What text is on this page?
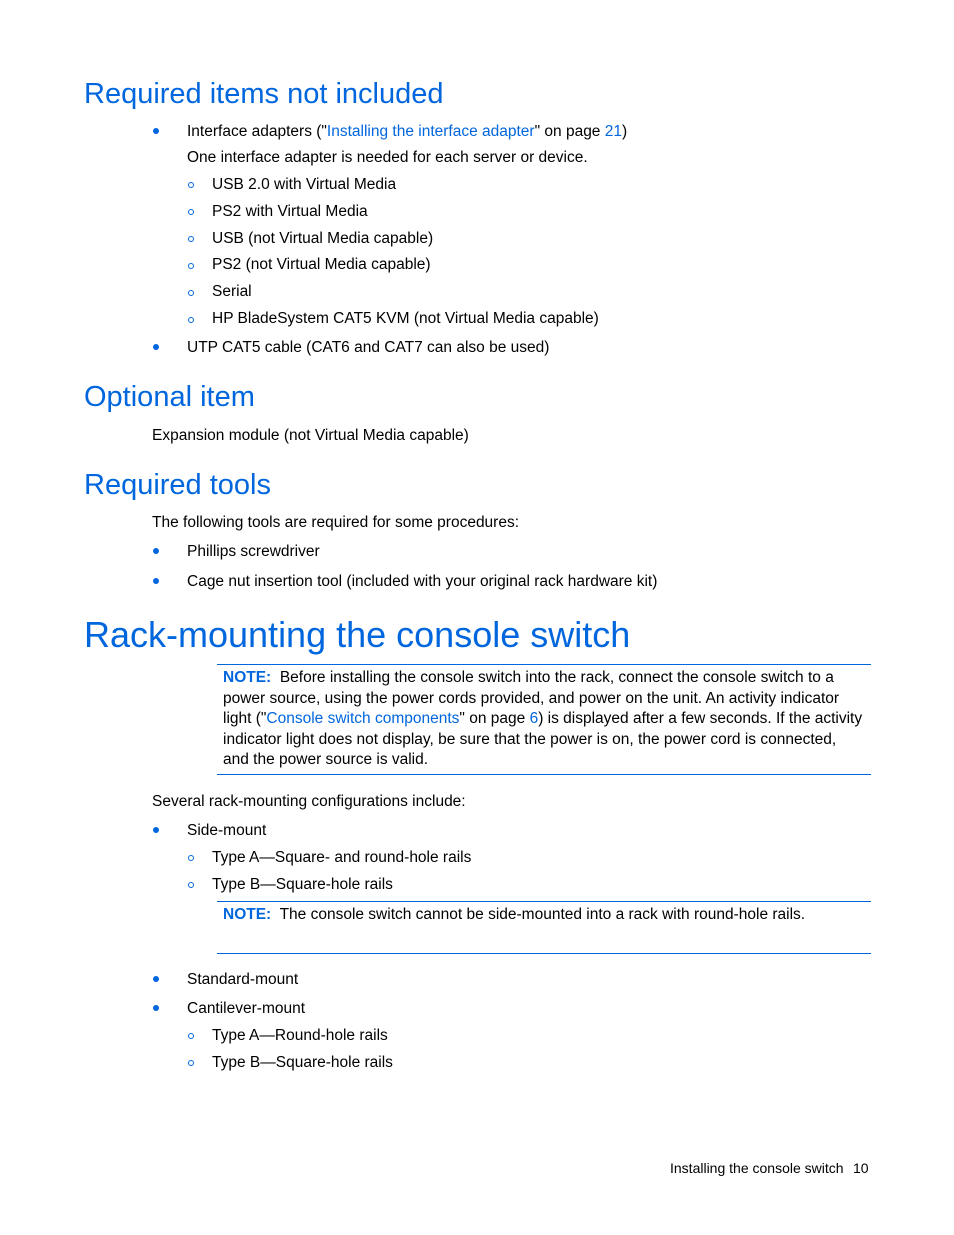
Required items not included
Interface adapters ("Installing the interface adapter" on page 21)
One interface adapter is needed for each server or device.
USB 2.0 with Virtual Media
PS2 with Virtual Media
USB (not Virtual Media capable)
PS2 (not Virtual Media capable)
Serial
HP BladeSystem CAT5 KVM (not Virtual Media capable)
UTP CAT5 cable (CAT6 and CAT7 can also be used)
Optional item
Expansion module (not Virtual Media capable)
Required tools
The following tools are required for some procedures:
Phillips screwdriver
Cage nut insertion tool (included with your original rack hardware kit)
Rack-mounting the console switch
NOTE: Before installing the console switch into the rack, connect the console switch to a power source, using the power cords provided, and power on the unit. An activity indicator light ("Console switch components" on page 6) is displayed after a few seconds. If the activity indicator light does not display, be sure that the power is on, the power cord is connected, and the power source is valid.
Several rack-mounting configurations include:
Side-mount
Type A—Square- and round-hole rails
Type B—Square-hole rails
NOTE: The console switch cannot be side-mounted into a rack with round-hole rails.
Standard-mount
Cantilever-mount
Type A—Round-hole rails
Type B—Square-hole rails
Installing the console switch 10
